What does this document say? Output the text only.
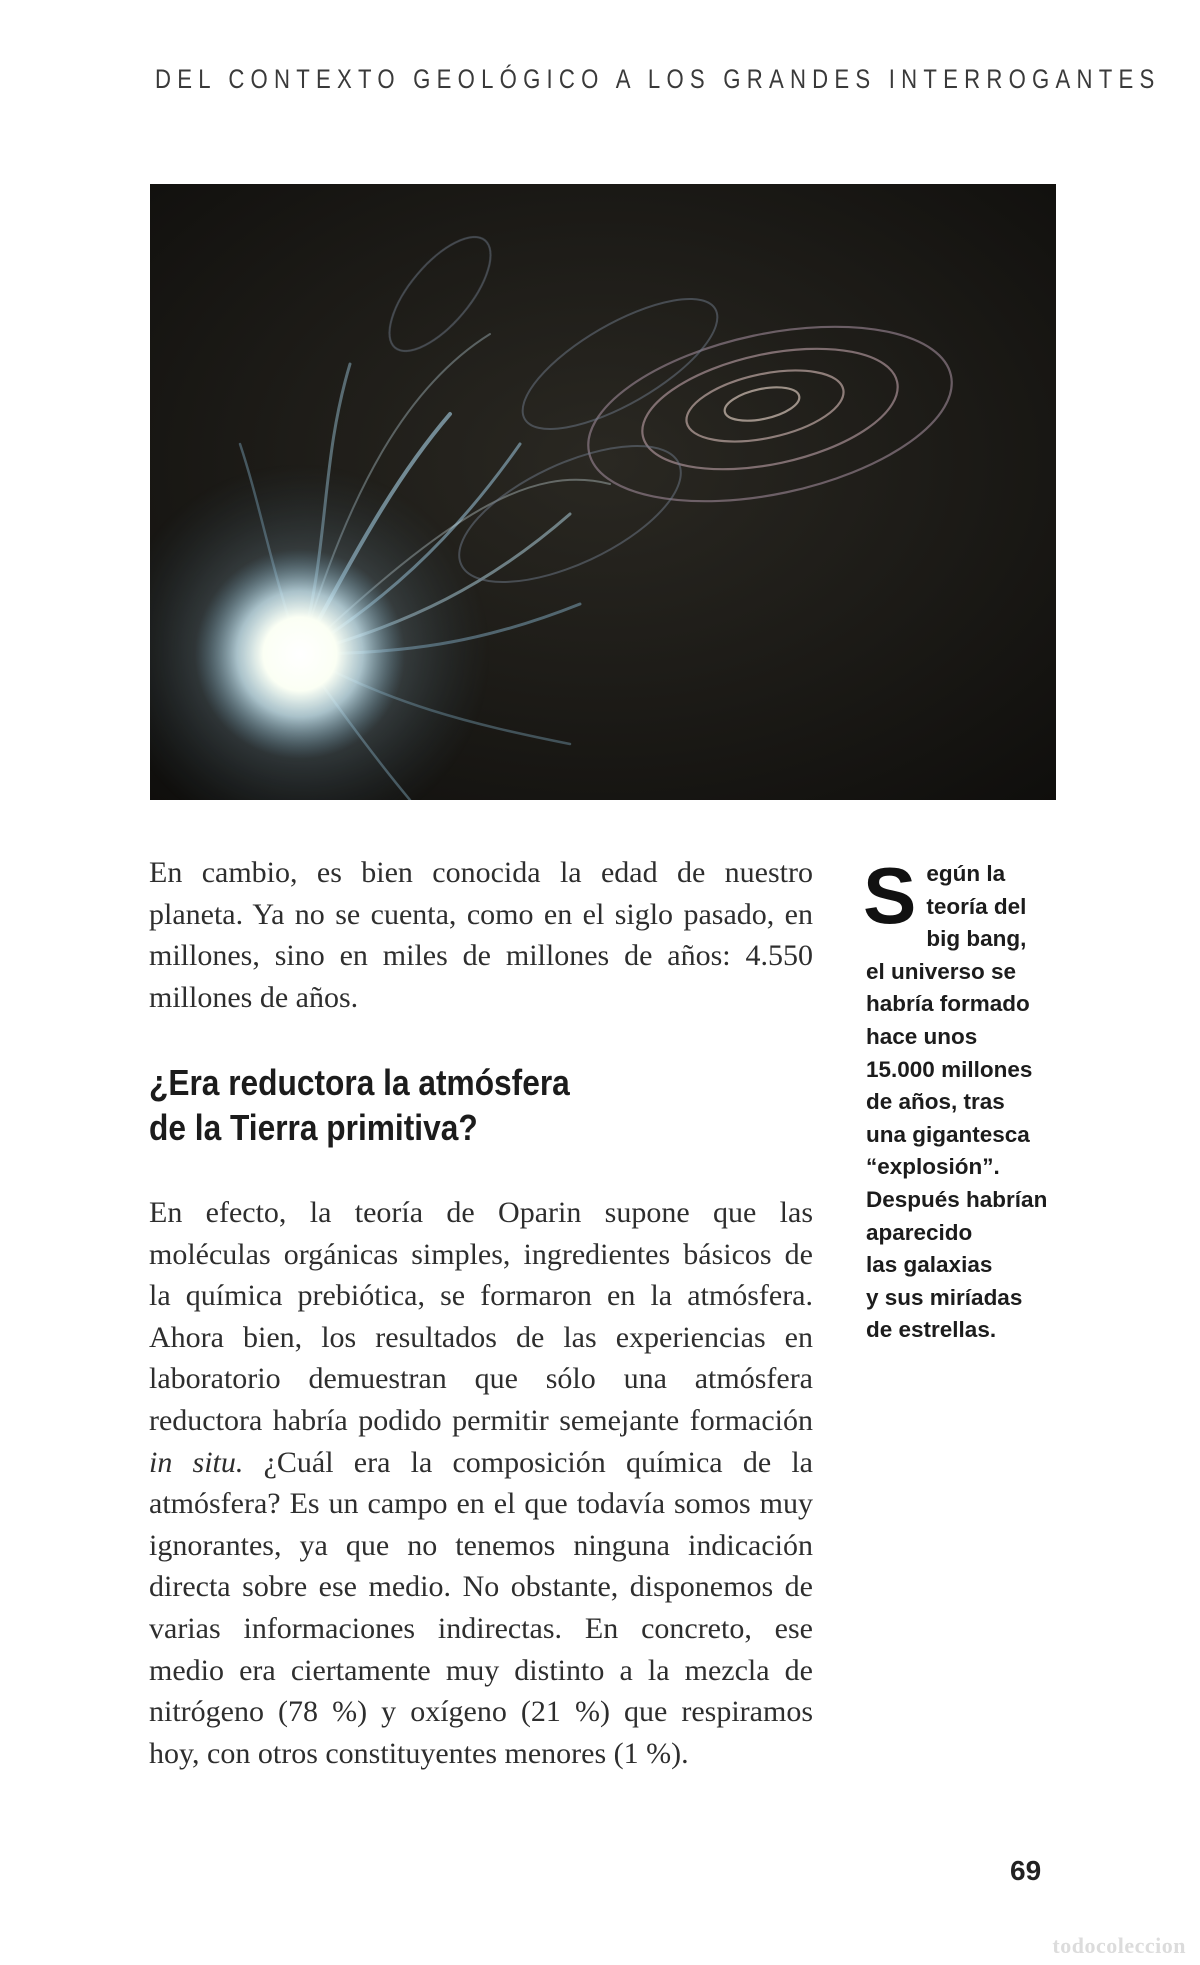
DEL CONTEXTO GEOLÓGICO A LOS GRANDES INTERROGANTES

En cambio, es bien conocida la edad de nuestro planeta. Ya no se cuenta, como en el siglo pasado, en millones, sino en miles de millones de años: 4.550 millones de años.

¿Era reductora la atmósfera
de la Tierra primitiva?

En efecto, la teoría de Oparin supone que las moléculas orgánicas simples, ingredientes básicos de la química prebiótica, se formaron en la atmósfera. Ahora bien, los resultados de las experiencias en laboratorio demuestran que sólo una atmósfera reductora habría podido permitir semejante formación in situ. ¿Cuál era la composición química de la atmósfera? Es un campo en el que todavía somos muy ignorantes, ya que no tenemos ninguna indicación directa sobre ese medio. No obstante, disponemos de varias informaciones indirectas. En concreto, ese medio era ciertamente muy distinto a la mezcla de nitrógeno (78 %) y oxígeno (21 %) que respiramos hoy, con otros constituyentes menores (1 %).

S egún la
teoría del
big bang,
el universo se
habría formado
hace unos
15.000 millones
de años, tras
una gigantesca
“explosión”.
Después habrían
aparecido
las galaxias
y sus miríadas
de estrellas.
69
todocoleccion
